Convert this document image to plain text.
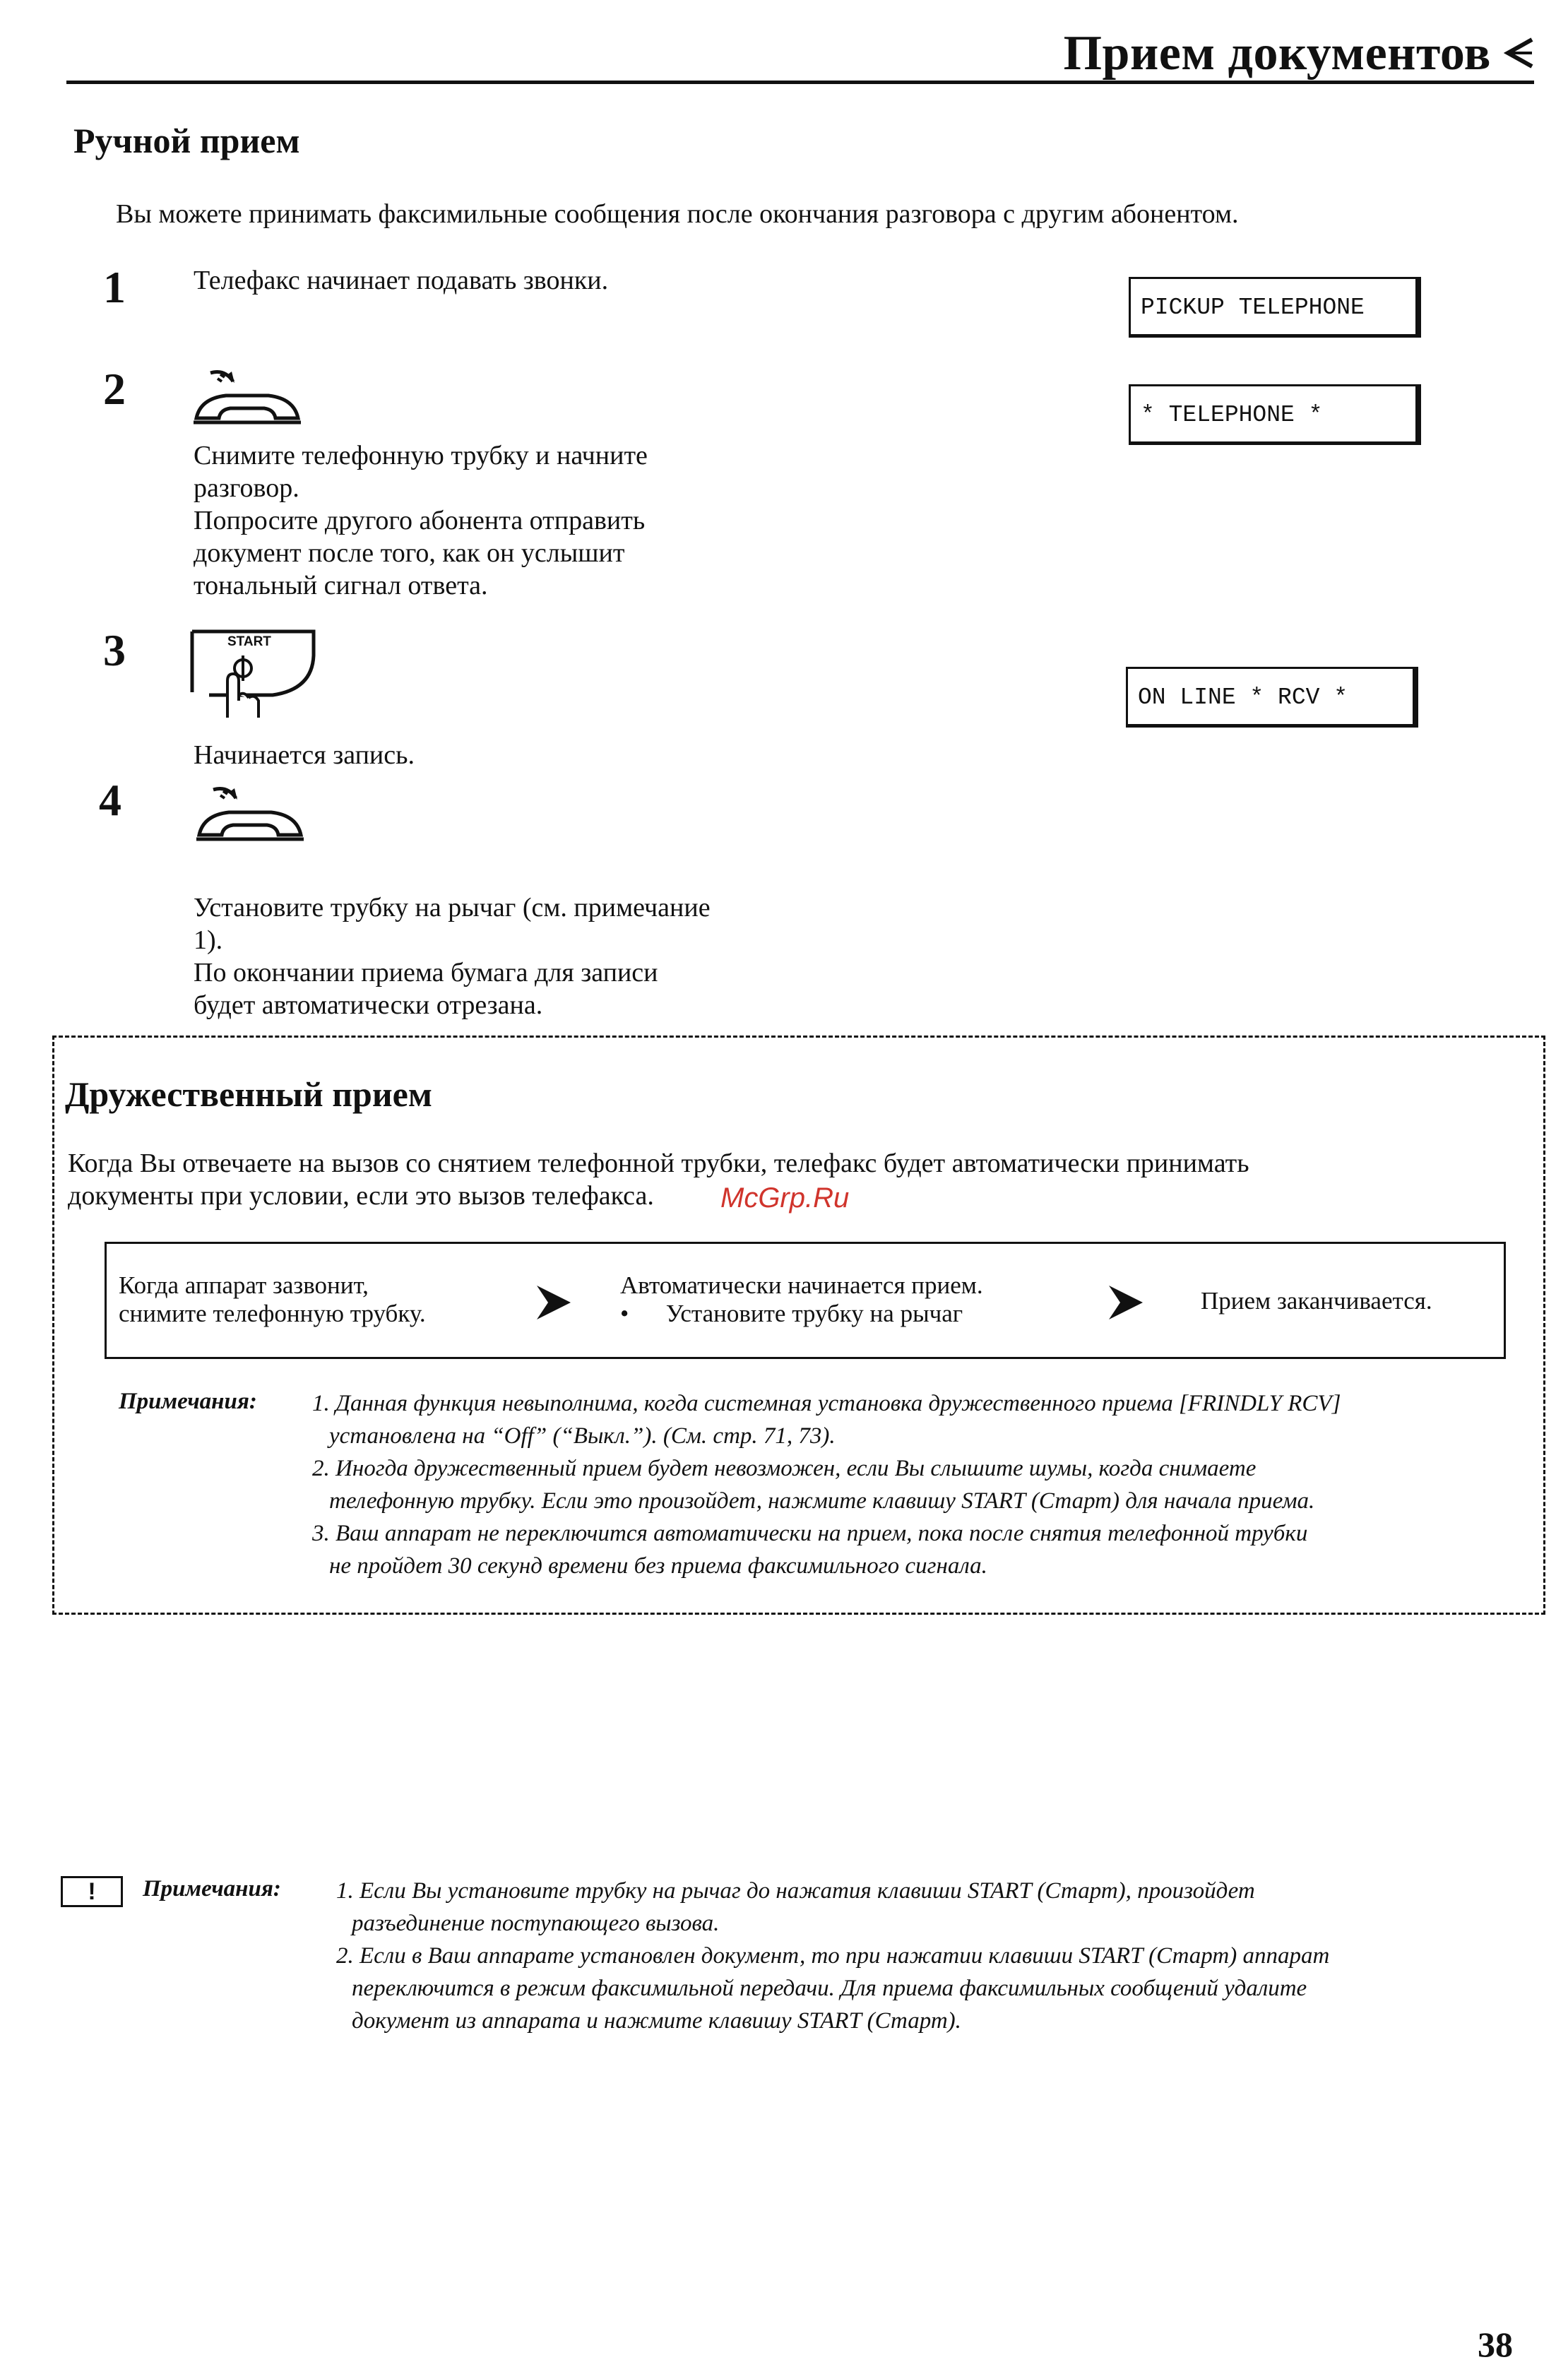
Прием документов
Ручной прием
Вы можете принимать факсимильные сообщения после окончания разговора с другим абонентом.
1	Телефакс начинает подавать звонки.
PICKUP TELEPHONE
2
* TELEPHONE *
Снимите телефонную трубку и начните
разговор.
Попросите другого абонента отправить
документ после того, как он услышит
тональный сигнал ответа.
3	START
ON LINE * RCV *
Начинается запись.
4
Установите трубку на рычаг (см. примечание
1).
По окончании приема бумага для записи
будет автоматически отрезана.
Дружественный прием
Когда Вы отвечаете на вызов со снятием телефонной трубки, телефакс будет автоматически принимать
документы при условии, если это вызов телефакса.	McGrp.Ru
Когда аппарат зазвонит,
снимите телефонную трубку.
Автоматически начинается прием.
•      Установите трубку на рычаг	Прием заканчивается.
Примечания: 1. Данная функция невыполнима, когда системная установка дружественного приема [FRINDLY RCV]
установлена на “Off” (“Выкл.”). (См. стр. 71, 73).
2. Иногда дружественный прием будет невозможен, если Вы слышите шумы, когда снимаете
телефонную трубку. Если это произойдет, нажмите клавишу START (Старт) для начала приема.
3. Ваш аппарат не переключится автоматически на прием, пока после снятия телефонной трубки
не пройдет 30 секунд времени без приема факсимильного сигнала.
!	Примечания: 1. Если Вы установите трубку на рычаг до нажатия клавиши START (Старт), произойдет
разъединение поступающего вызова.
2. Если в Ваш аппарате установлен документ, то при нажатии клавиши START (Старт) аппарат
переключится в режим факсимильной передачи. Для приема факсимильных сообщений удалите
документ из аппарата и нажмите клавишу START (Старт).
38
